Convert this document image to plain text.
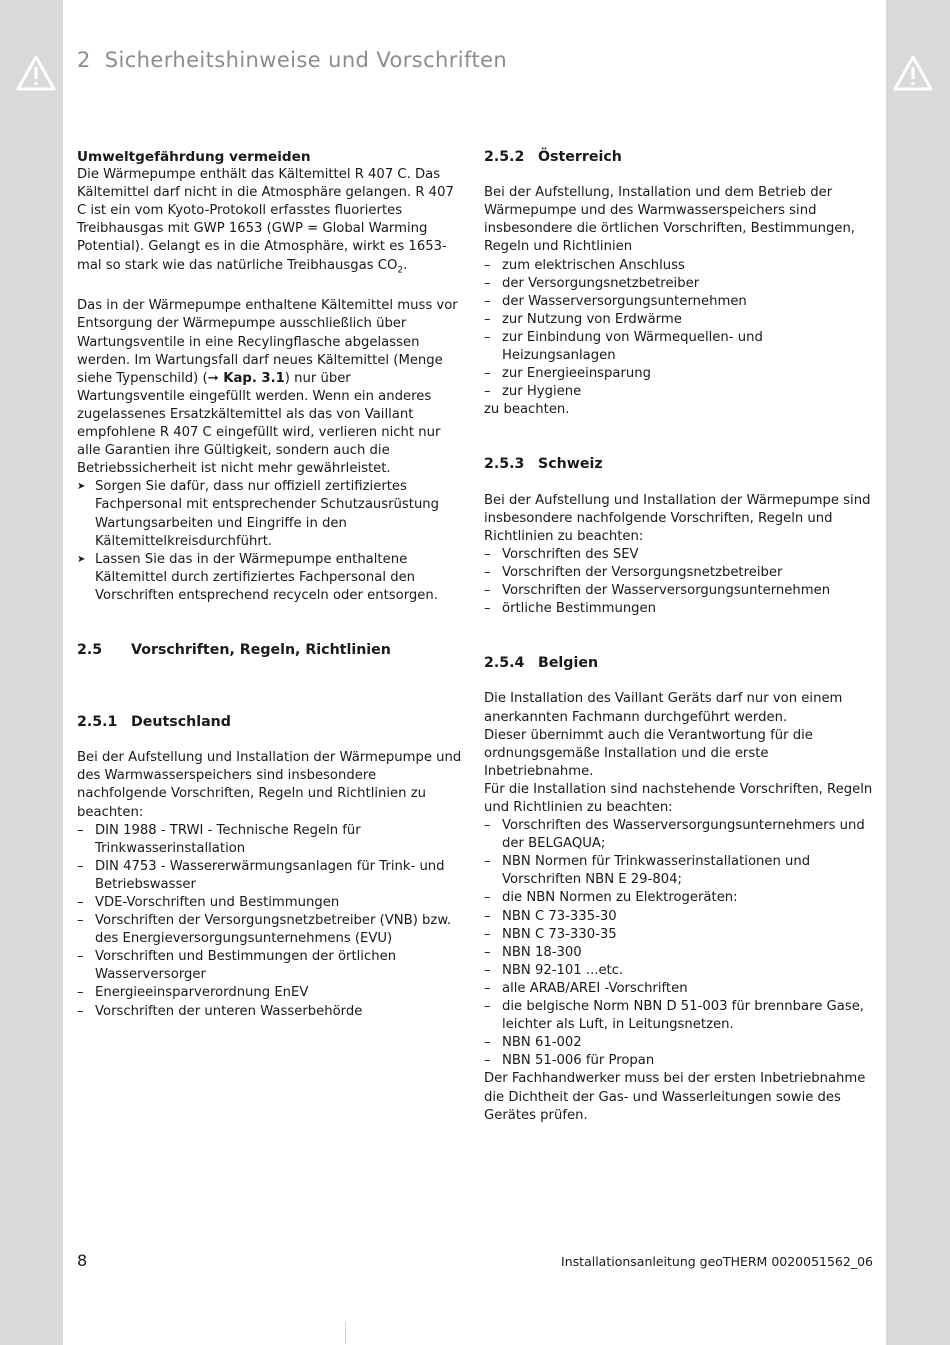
2 Sicherheitshinweise und Vorschriften

Umweltgefährdung vermeiden

Die Wärmepumpe enthält das Kältemittel R 407 C. Das Kältemittel darf nicht in die Atmosphäre gelangen. R 407 C ist ein vom Kyoto-Protokoll erfasstes fluoriertes Treibhausgas mit GWP 1653 (GWP = Global Warming Potential). Gelangt es in die Atmosphäre, wirkt es 1653-mal so stark wie das natürliche Treibhausgas $CO_2$.

Das in der Wärmepumpe enthaltene Kältemittel muss vor Entsorgung der Wärmepumpe ausschließlich über Wartungsventile in eine Recylingflasche abgelassen werden. Im Wartungsfall darf neues Kältemittel (Menge siehe Typenschild) (➞ Kap. 3.1) nur über Wartungsventile eingefüllt werden. Wenn ein anderes zugelassenes Ersatzkältemittel als das von Vaillant empfohlene R 407 C eingefüllt wird, verlieren nicht nur alle Garantien ihre Gültigkeit, sondern auch die Betriebssicherheit ist nicht mehr gewährleistet.

➤ Sorgen Sie dafür, dass nur offiziell zertifiziertes Fachpersonal mit entsprechender Schutzausrüstung Wartungsarbeiten und Eingriffe in den Kältemittelkreisdurchführt.
➤ Lassen Sie das in der Wärmepumpe enthaltene Kältemittel durch zertifiziertes Fachpersonal den Vorschriften entsprechend recyceln oder entsorgen.
2.5 Vorschriften, Regeln, Richtlinien
2.5.1 Deutschland

Bei der Aufstellung und Installation der Wärmepumpe und des Warmwasserspeichers sind insbesondere nachfolgende Vorschriften, Regeln und Richtlinien zu beachten:

– DIN 1988 - TRWI - Technische Regeln für Trinkwasserinstallation
– DIN 4753 - Wassererwärmungsanlagen für Trink- und Betriebswasser
– VDE-Vorschriften und Bestimmungen
– Vorschriften der Versorgungsnetzbetreiber (VNB) bzw. des Energieversorgungsunternehmens (EVU)
– Vorschriften und Bestimmungen der örtlichen Wasserversorger
– Energieeinsparverordnung EnEV
– Vorschriften der unteren Wasserbehörde
2.5.2 Österreich

Bei der Aufstellung, Installation und dem Betrieb der Wärmepumpe und des Warmwasserspeichers sind insbesondere die örtlichen Vorschriften, Bestimmungen, Regeln und Richtlinien

– zum elektrischen Anschluss
– der Versorgungsnetzbetreiber
– der Wasserversorgungsunternehmen
– zur Nutzung von Erdwärme
– zur Einbindung von Wärmequellen- und Heizungsanlagen
– zur Energieeinsparung
– zur Hygiene

zu beachten.

2.5.3 Schweiz

Bei der Aufstellung und Installation der Wärmepumpe sind insbesondere nachfolgende Vorschriften, Regeln und Richtlinien zu beachten:

– Vorschriften des SEV
– Vorschriften der Versorgungsnetzbetreiber
– Vorschriften der Wasserversorgungsunternehmen
– örtliche Bestimmungen
2.5.4 Belgien

Die Installation des Vaillant Geräts darf nur von einem anerkannten Fachmann durchgeführt werden.

Dieser übernimmt auch die Verantwortung für die ordnungsgemäße Installation und die erste Inbetriebnahme.

Für die Installation sind nachstehende Vorschriften, Regeln und Richtlinien zu beachten:

– Vorschriften des Wasserversorgungsunternehmers und der BELGAQUA;
– NBN Normen für Trinkwasserinstallationen und Vorschriften NBN E 29-804;
– die NBN Normen zu Elektrogeräten:
– NBN C 73-335-30
– NBN C 73-330-35
– NBN 18-300
– NBN 92-101 ...etc.
– alle ARAB/AREI -Vorschriften
– die belgische Norm NBN D 51-003 für brennbare Gase, leichter als Luft, in Leitungsnetzen.
– NBN 61-002
– NBN 51-006 für Propan

Der Fachhandwerker muss bei der ersten Inbetriebnahme die Dichtheit der Gas- und Wasserleitungen sowie des Gerätes prüfen.

8	Installationsanleitung geoTHERM 0020051562_06
